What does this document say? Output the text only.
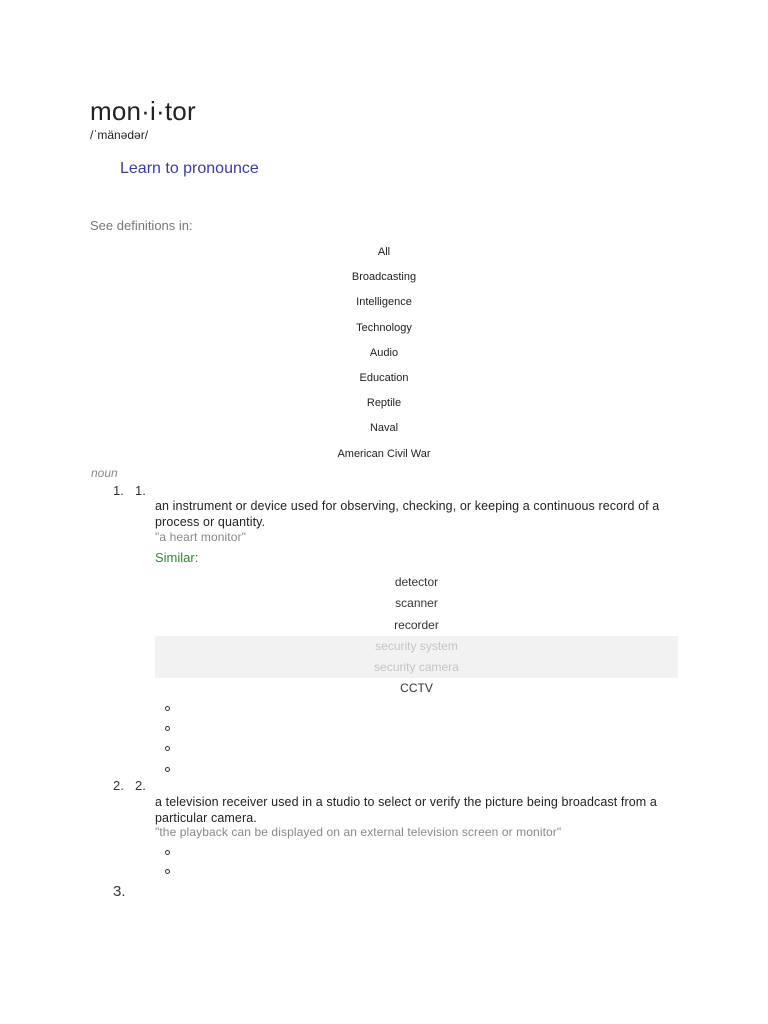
mon·i·tor
/ˈmänədər/
Learn to pronounce
See definitions in:
All
Broadcasting
Intelligence
Technology
Audio
Education
Reptile
Naval
American Civil War
noun
1. 1.
an instrument or device used for observing, checking, or keeping a continuous record of a process or quantity.
"a heart monitor"
Similar:
detector
scanner
recorder
security system
security camera
CCTV
2. 2.
a television receiver used in a studio to select or verify the picture being broadcast from a particular camera.
"the playback can be displayed on an external television screen or monitor"
3.
